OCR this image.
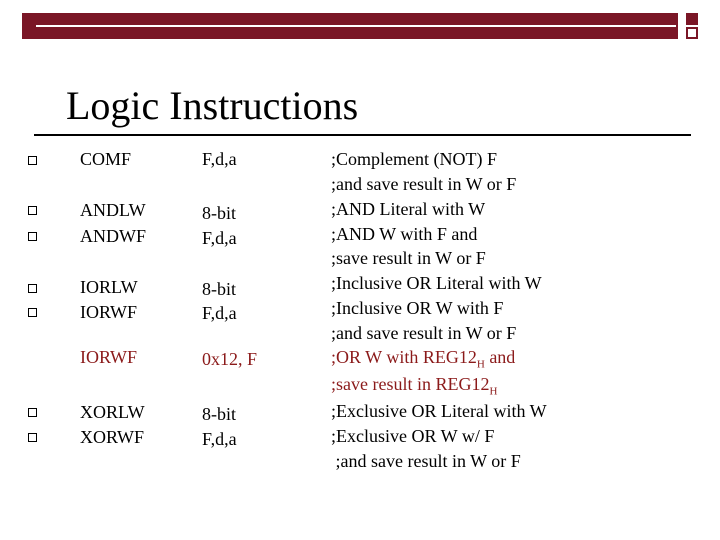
Logic Instructions
COMF
ANDLW
ANDWF
IORLW
IORWF
IORWF
XORLW
XORWF
F,d,a
8-bit
F,d,a
8-bit
F,d,a
0x12, F
8-bit
F,d,a
;Complement (NOT) F
;and save result in W or F
;AND Literal with W
;AND W with F and
;save result in W or F
;Inclusive OR Literal with W
;Inclusive OR W with F
;and save result in W or F
;OR W with $REG12_H$ and
;save result in $REG12_H$
;Exclusive OR Literal with W
;Exclusive OR W w/ F
;and save result in W or F
